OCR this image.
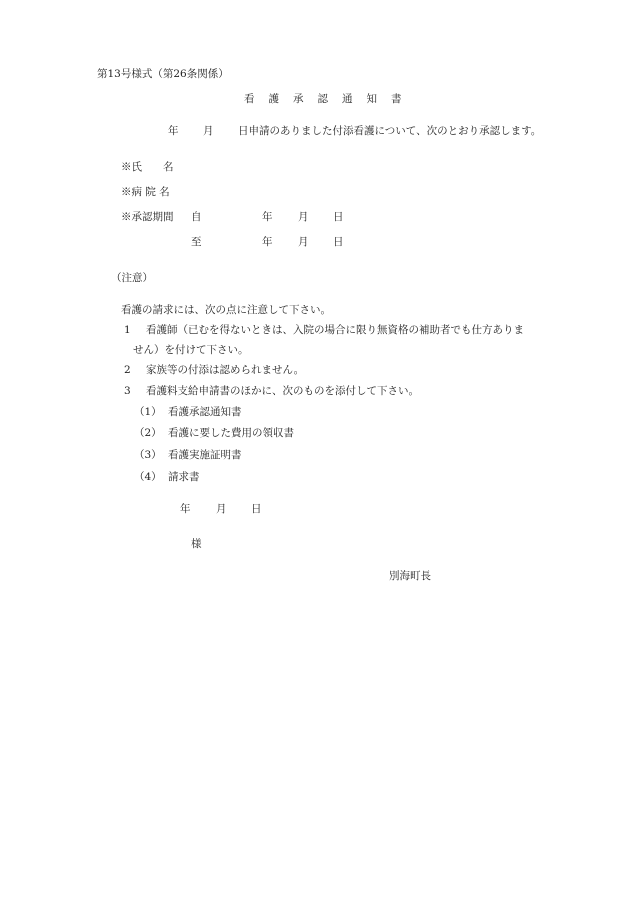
第13号様式（第26条関係）
看護承認通知書
年 月 日申請のありました付添看護について、次のとおり承認します。
※氏　　名
※病 院 名
※承認期間 自	年 月 日
至	年 月 日
（注意）
看護の請求には、次の点に注意して下さい。
1 看護師（已むを得ないときは、入院の場合に限り無資格の補助者でも仕方ありま
せん）を付けて下さい。
2 家族等の付添は認められません。
3 看護料支給申請書のほかに、次のものを添付して下さい。
（1） 看護承認通知書
（2） 看護に要した費用の領収書
（3） 看護実施証明書
（4） 請求書
年 月 日
様
別海町長
